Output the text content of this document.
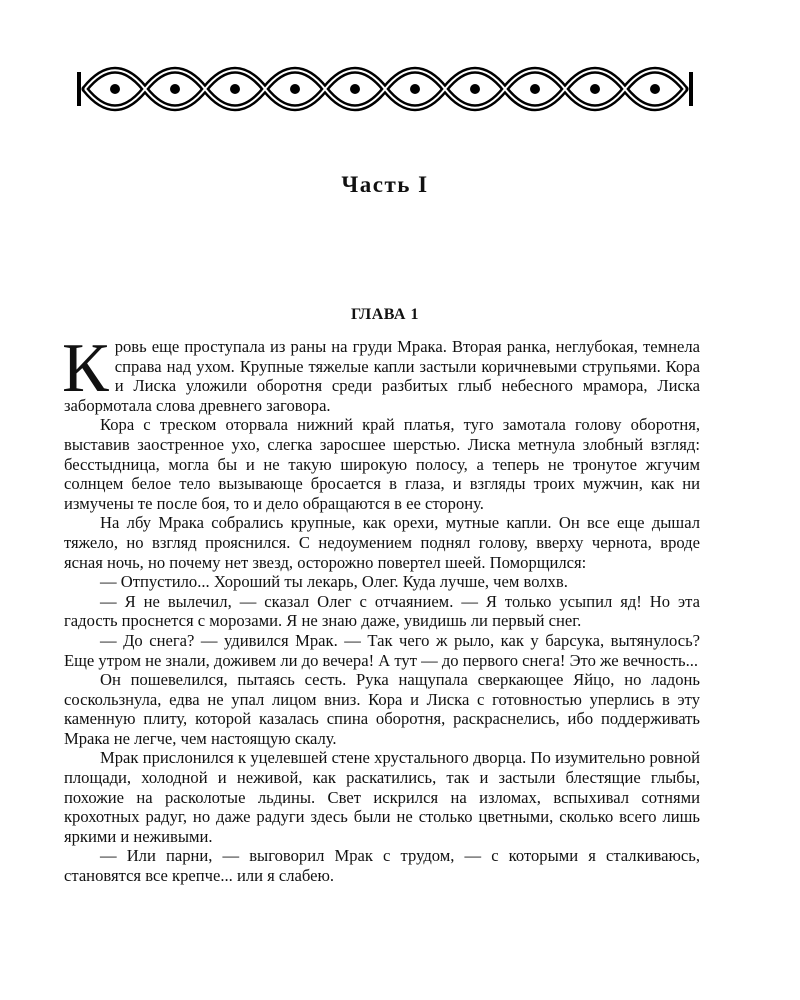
Часть I
ГЛАВА 1

Кровь еще проступала из раны на груди Мрака. Вторая ранка, неглубокая, темнела справа над ухом. Крупные тяжелые капли застыли коричневыми струпьями. Кора и Лиска уложили оборотня среди разбитых глыб небесного мрамора, Лиска забормотала слова древнего заговора.

Кора с треском оторвала нижний край платья, туго замотала голову оборотня, выставив заостренное ухо, слегка заросшее шерстью. Лиска метнула злобный взгляд: бесстыдница, могла бы и не такую широкую полосу, а теперь не тронутое жгучим солнцем белое тело вызывающе бросается в глаза, и взгляды троих мужчин, как ни измучены те после боя, то и дело обращаются в ее сторону.

На лбу Мрака собрались крупные, как орехи, мутные капли. Он все еще дышал тяжело, но взгляд прояснился. С недоумением поднял голову, вверху чернота, вроде ясная ночь, но почему нет звезд, осторожно повертел шеей. Поморщился:

— Отпустило... Хороший ты лекарь, Олег. Куда лучше, чем волхв.

— Я не вылечил, — сказал Олег с отчаянием. — Я только усыпил яд! Но эта гадость проснется с морозами. Я не знаю даже, увидишь ли первый снег.

— До снега? — удивился Мрак. — Так чего ж рыло, как у барсука, вытянулось? Еще утром не знали, доживем ли до вечера! А тут — до первого снега! Это же вечность...

Он пошевелился, пытаясь сесть. Рука нащупала сверкающее Яйцо, но ладонь соскользнула, едва не упал лицом вниз. Кора и Лиска с готовностью уперлись в эту каменную плиту, которой казалась спина оборотня, раскраснелись, ибо поддерживать Мрака не легче, чем настоящую скалу.

Мрак прислонился к уцелевшей стене хрустального дворца. По изумительно ровной площади, холодной и неживой, как раскатились, так и застыли блестящие глыбы, похожие на расколотые льдины. Свет искрился на изломах, вспыхивал сотнями крохотных радуг, но даже радуги здесь были не столько цветными, сколько всего лишь яркими и неживыми.

— Или парни, — выговорил Мрак с трудом, — с которыми я сталкиваюсь, становятся все крепче... или я слабею.
